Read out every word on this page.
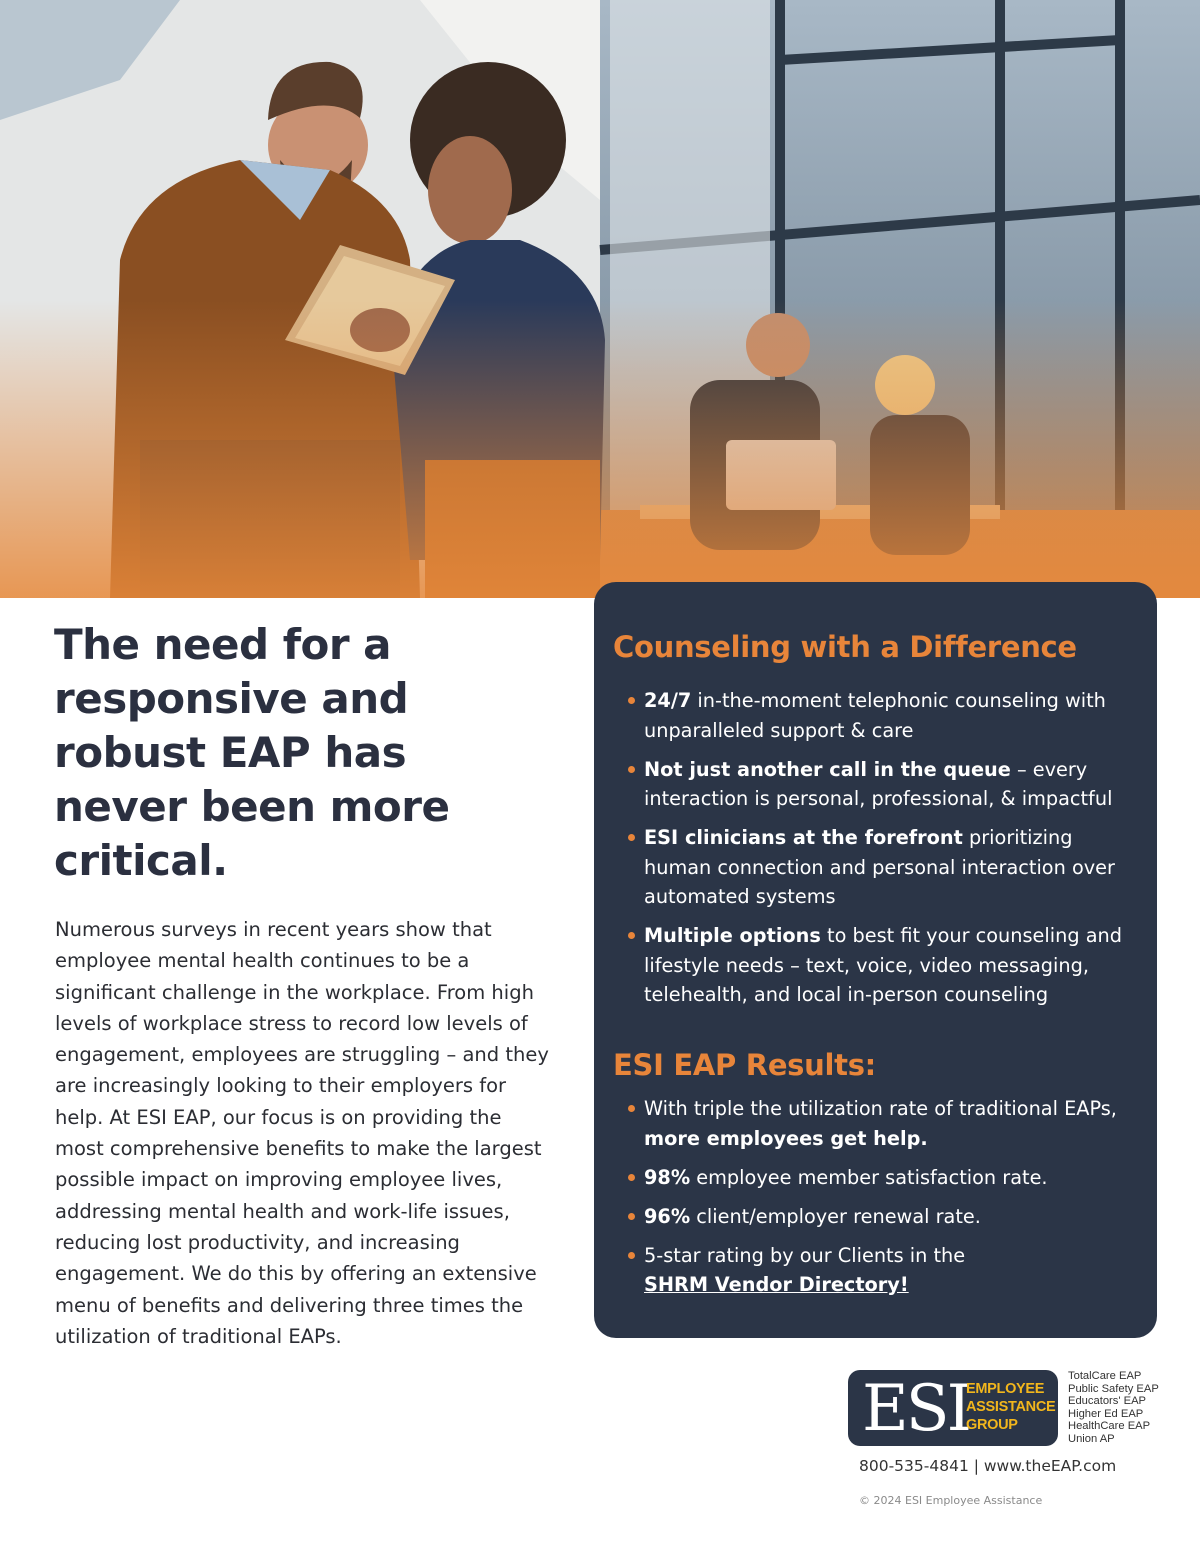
The need for a responsive and robust EAP has never been more critical.

Numerous surveys in recent years show that employee mental health continues to be a significant challenge in the workplace. From high levels of workplace stress to record low levels of engagement, employees are struggling – and they are increasingly looking to their employers for help. At ESI EAP, our focus is on providing the most comprehensive benefits to make the largest possible impact on improving employee lives, addressing mental health and work-life issues, reducing lost productivity, and increasing engagement. We do this by offering an extensive menu of benefits and delivering three times the utilization of traditional EAPs.

Counseling with a Difference
24/7 in-the-moment telephonic counseling with unparalleled support & care
Not just another call in the queue – every interaction is personal, professional, & impactful
ESI clinicians at the forefront prioritizing human connection and personal interaction over automated systems
Multiple options to best fit your counseling and lifestyle needs – text, voice, video messaging, telehealth, and local in-person counseling
ESI EAP Results:
With triple the utilization rate of traditional EAPs, more employees get help.
98% employee member satisfaction rate.
96% client/employer renewal rate.
5-star rating by our Clients in the
SHRM Vendor Directory!
ESI
EMPLOYEE
ASSISTANCE
GROUP
TotalCare EAP
Public Safety EAP
Educators' EAP
Higher Ed EAP
HealthCare EAP
Union AP
800-535-4841 | www.theEAP.com
© 2024 ESI Employee Assistance
